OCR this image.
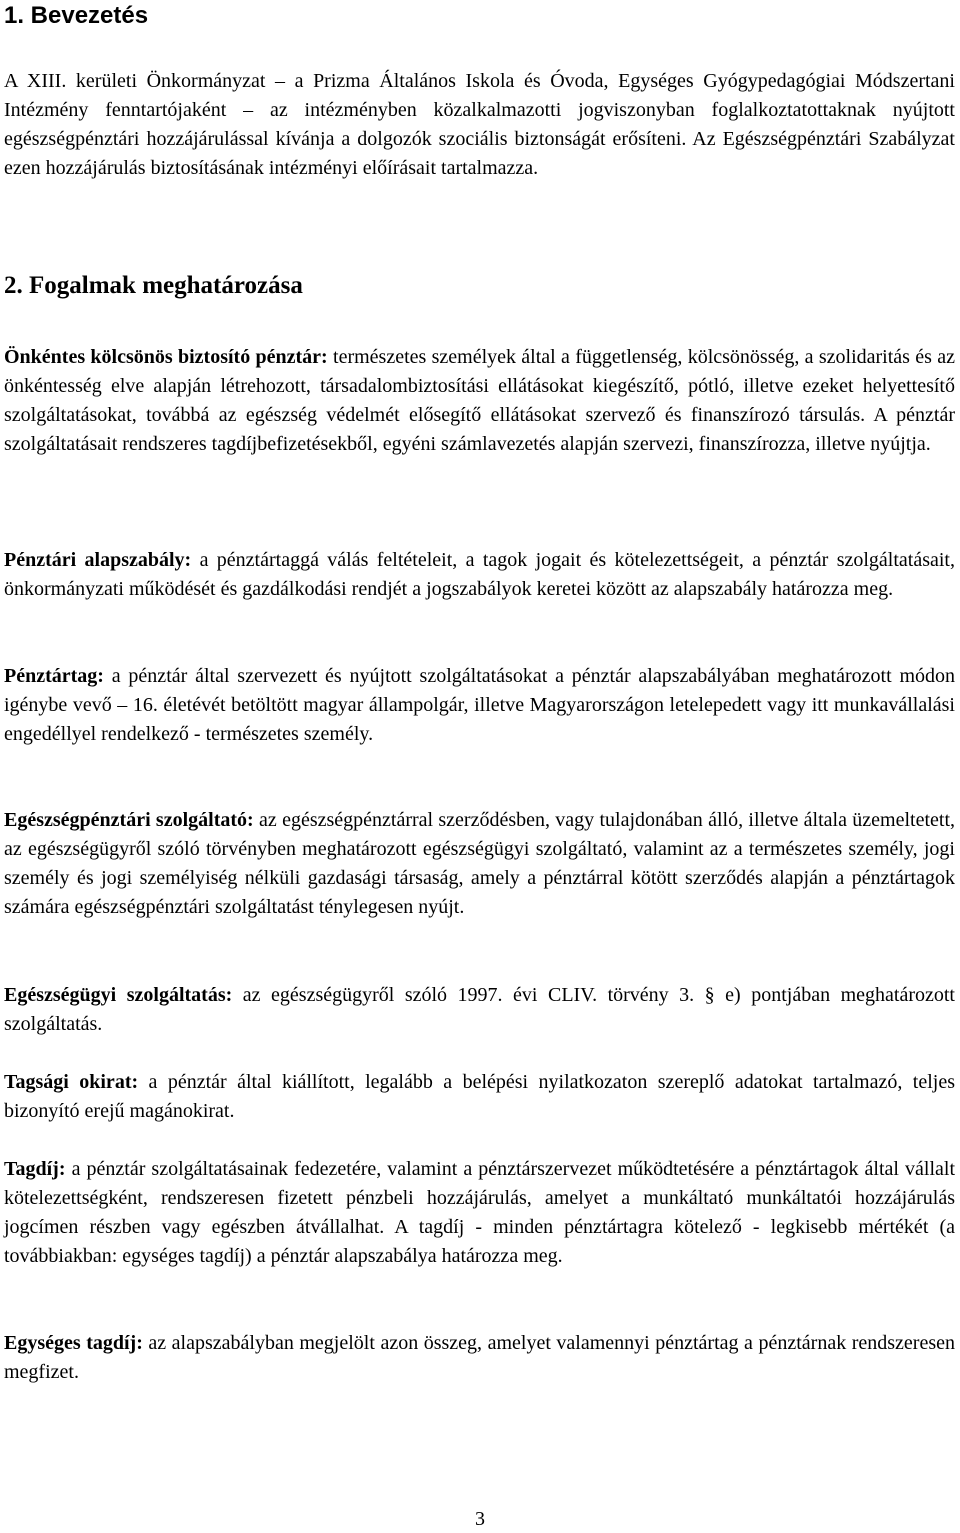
1. Bevezetés

A XIII. kerületi Önkormányzat – a Prizma Általános Iskola és Óvoda, Egységes Gyógypedagógiai Módszertani Intézmény fenntartójaként – az intézményben közalkalmazotti jogviszonyban foglalkoztatottaknak nyújtott egészségpénztári hozzájárulással kívánja a dolgozók szociális biztonságát erősíteni. Az Egészségpénztári Szabályzat ezen hozzájárulás biztosításának intézményi előírásait tartalmazza.

2. Fogalmak meghatározása

Önkéntes kölcsönös biztosító pénztár: természetes személyek által a függetlenség, kölcsönösség, a szolidaritás és az önkéntesség elve alapján létrehozott, társadalombiztosítási ellátásokat kiegészítő, pótló, illetve ezeket helyettesítő szolgáltatásokat, továbbá az egészség védelmét elősegítő ellátásokat szervező és finanszírozó társulás. A pénztár szolgáltatásait rendszeres tagdíjbefizetésekből, egyéni számlavezetés alapján szervezi, finanszírozza, illetve nyújtja.

Pénztári alapszabály: a pénztártaggá válás feltételeit, a tagok jogait és kötelezettségeit, a pénztár szolgáltatásait, önkormányzati működését és gazdálkodási rendjét a jogszabályok keretei között az alapszabály határozza meg.

Pénztártag: a pénztár által szervezett és nyújtott szolgáltatásokat a pénztár alapszabályában meghatározott módon igénybe vevő – 16. életévét betöltött magyar állampolgár, illetve Magyarországon letelepedett vagy itt munkavállalási engedéllyel rendelkező - természetes személy.

Egészségpénztári szolgáltató: az egészségpénztárral szerződésben, vagy tulajdonában álló, illetve általa üzemeltetett, az egészségügyről szóló törvényben meghatározott egészségügyi szolgáltató, valamint az a természetes személy, jogi személy és jogi személyiség nélküli gazdasági társaság, amely a pénztárral kötött szerződés alapján a pénztártagok számára egészségpénztári szolgáltatást ténylegesen nyújt.

Egészségügyi szolgáltatás: az egészségügyről szóló 1997. évi CLIV. törvény 3. § e) pontjában meghatározott szolgáltatás.

Tagsági okirat: a pénztár által kiállított, legalább a belépési nyilatkozaton szereplő adatokat tartalmazó, teljes bizonyító erejű magánokirat.

Tagdíj: a pénztár szolgáltatásainak fedezetére, valamint a pénztárszervezet működtetésére a pénztártagok által vállalt kötelezettségként, rendszeresen fizetett pénzbeli hozzájárulás, amelyet a munkáltató munkáltatói hozzájárulás jogcímen részben vagy egészben átvállalhat. A tagdíj - minden pénztártagra kötelező - legkisebb mértékét (a továbbiakban: egységes tagdíj) a pénztár alapszabálya határozza meg.

Egységes tagdíj: az alapszabályban megjelölt azon összeg, amelyet valamennyi pénztártag a pénztárnak rendszeresen megfizet.

3
